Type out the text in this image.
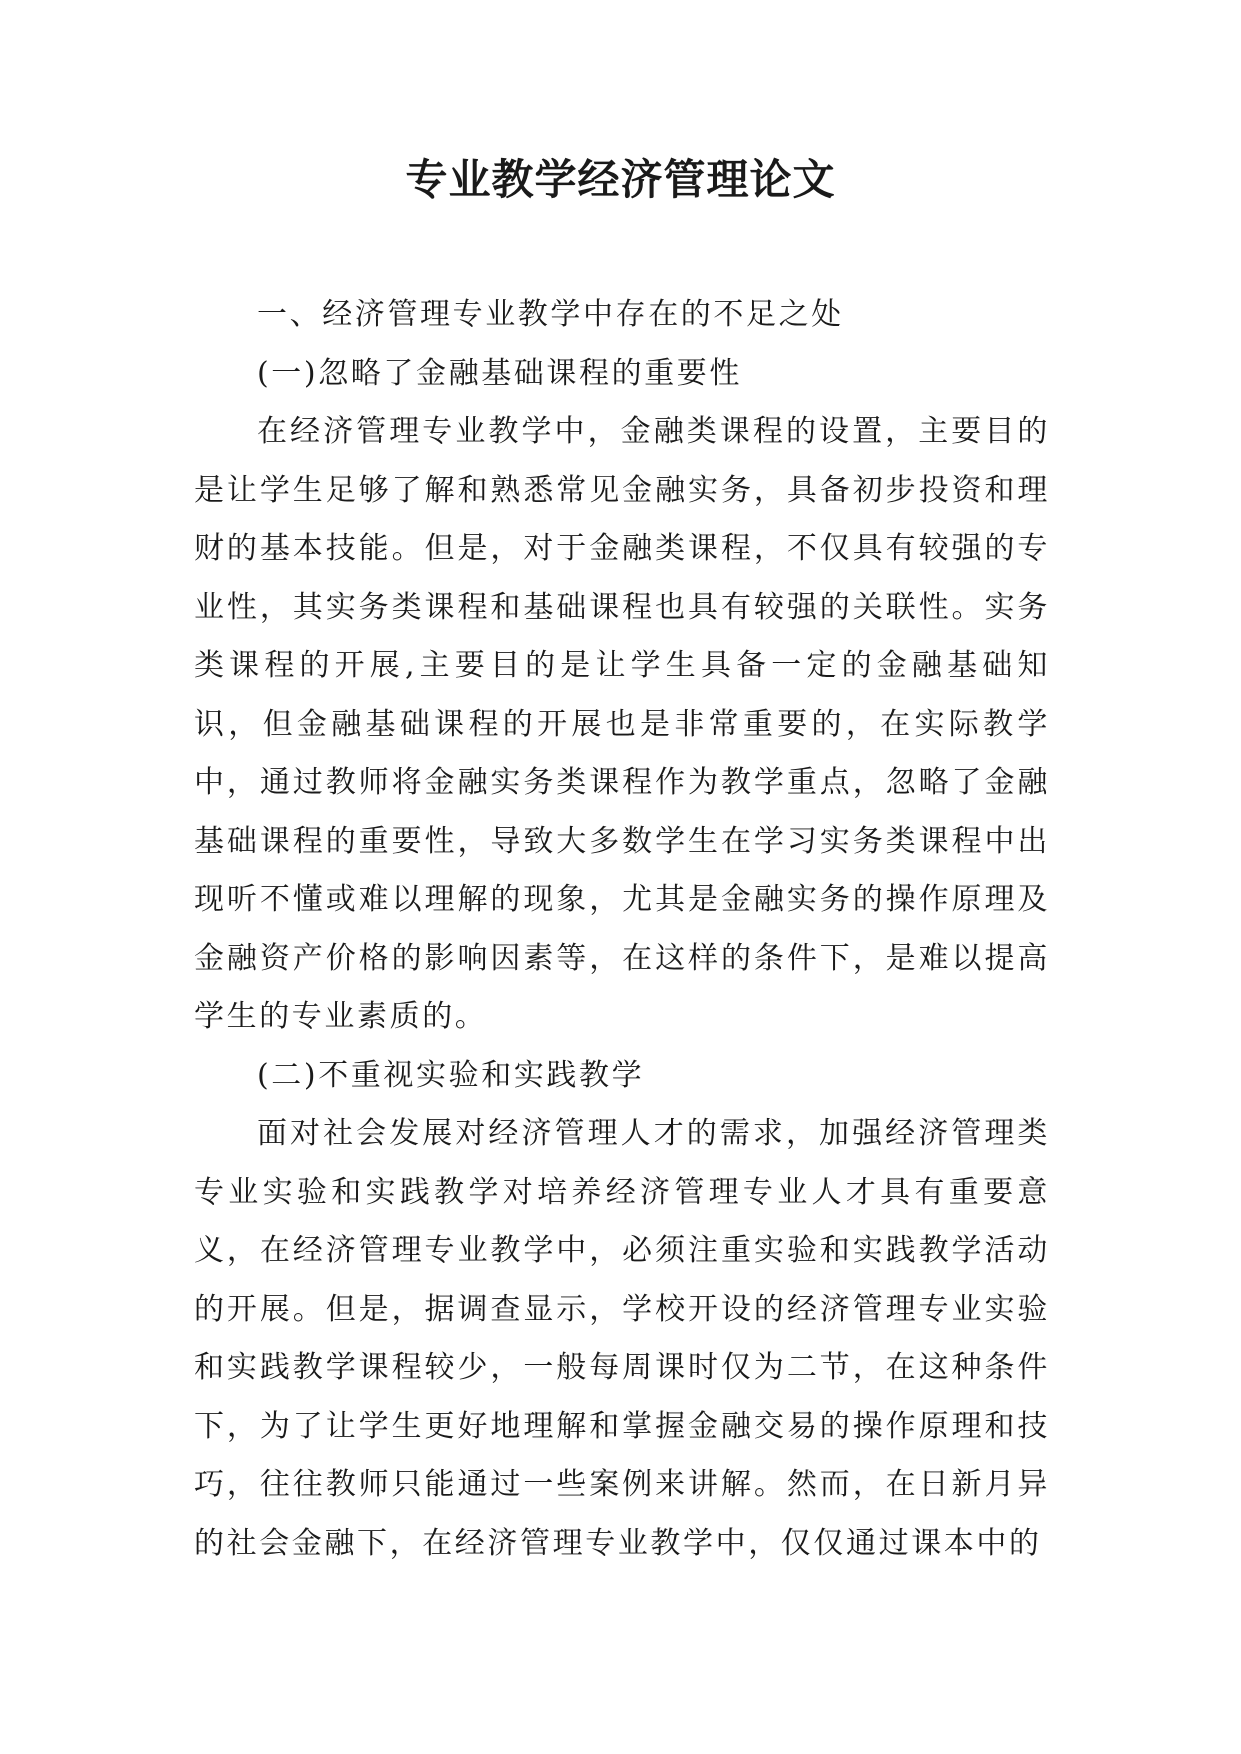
专业教学经济管理论文

一、经济管理专业教学中存在的不足之处

(一)忽略了金融基础课程的重要性

在经济管理专业教学中，金融类课程的设置，主要目的是让学生足够了解和熟悉常见金融实务，具备初步投资和理财的基本技能。但是，对于金融类课程，不仅具有较强的专业性，其实务类课程和基础课程也具有较强的关联性。实务类课程的开展,主要目的是让学生具备一定的金融基础知识，但金融基础课程的开展也是非常重要的，在实际教学中，通过教师将金融实务类课程作为教学重点，忽略了金融基础课程的重要性，导致大多数学生在学习实务类课程中出现听不懂或难以理解的现象，尤其是金融实务的操作原理及金融资产价格的影响因素等，在这样的条件下，是难以提高学生的专业素质的。

(二)不重视实验和实践教学

面对社会发展对经济管理人才的需求，加强经济管理类专业实验和实践教学对培养经济管理专业人才具有重要意义，在经济管理专业教学中，必须注重实验和实践教学活动的开展。但是，据调查显示，学校开设的经济管理专业实验和实践教学课程较少，一般每周课时仅为二节，在这种条件下，为了让学生更好地理解和掌握金融交易的操作原理和技巧，往往教师只能通过一些案例来讲解。然而，在日新月异的社会金融下，在经济管理专业教学中，仅仅通过课本中的
